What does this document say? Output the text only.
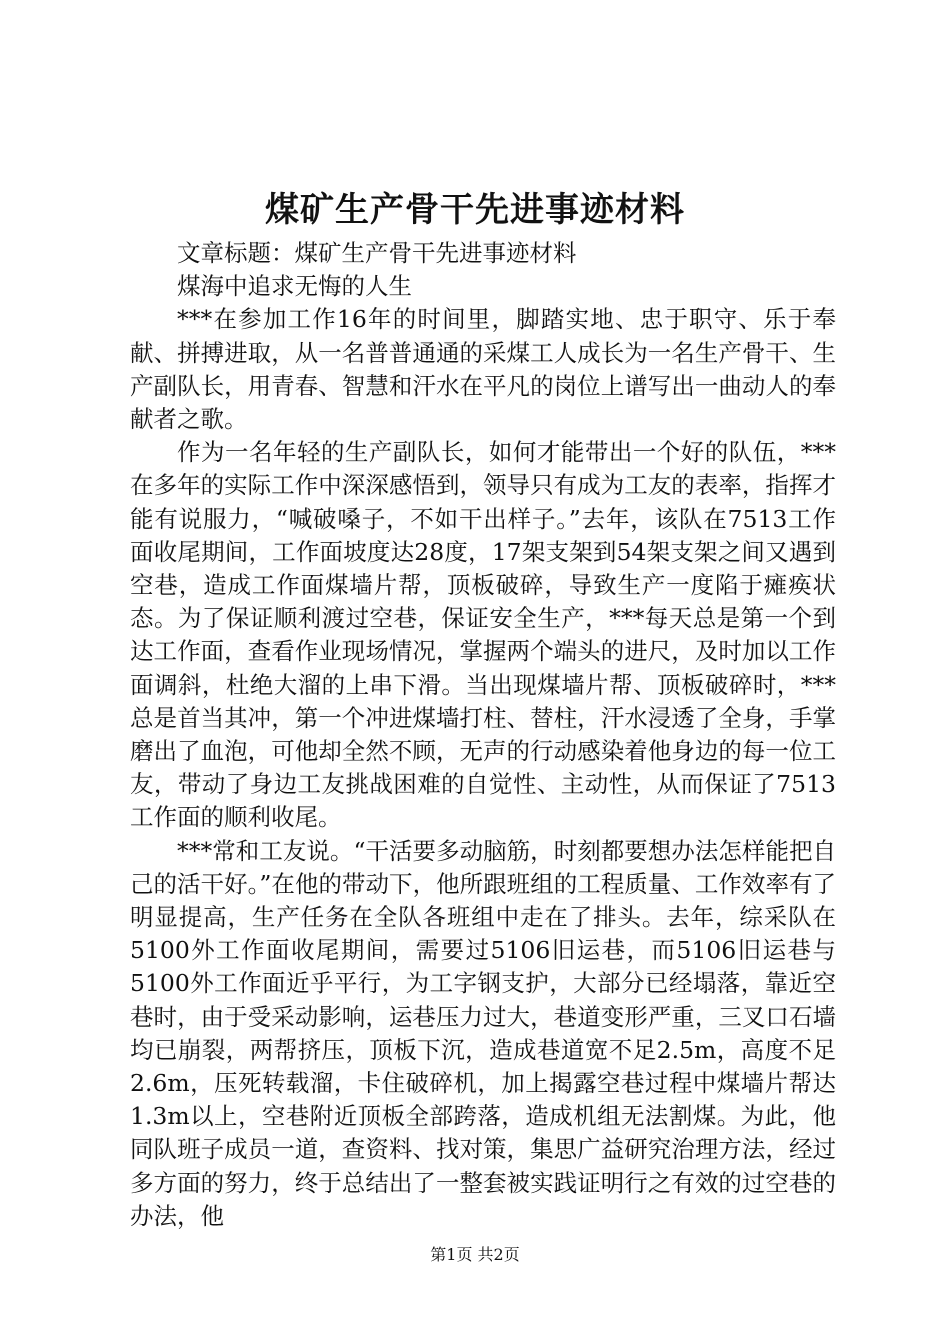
煤矿生产骨干先进事迹材料

文章标题：煤矿生产骨干先进事迹材料

煤海中追求无悔的人生

***在参加工作16年的时间里，脚踏实地、忠于职守、乐于奉献、拼搏进取，从一名普普通通的采煤工人成长为一名生产骨干、生产副队长，用青春、智慧和汗水在平凡的岗位上谱写出一曲动人的奉献者之歌。

作为一名年轻的生产副队长，如何才能带出一个好的队伍，***在多年的实际工作中深深感悟到，领导只有成为工友的表率，指挥才能有说服力，“喊破嗓子，不如干出样子。”去年，该队在7513工作面收尾期间，工作面坡度达28度，17架支架到54架支架之间又遇到空巷，造成工作面煤墙片帮，顶板破碎，导致生产一度陷于瘫痪状态。为了保证顺利渡过空巷，保证安全生产，***每天总是第一个到达工作面，查看作业现场情况，掌握两个端头的进尺，及时加以工作面调斜，杜绝大溜的上串下滑。当出现煤墙片帮、顶板破碎时，***总是首当其冲，第一个冲进煤墙打柱、替柱，汗水浸透了全身，手掌磨出了血泡，可他却全然不顾，无声的行动感染着他身边的每一位工友，带动了身边工友挑战困难的自觉性、主动性，从而保证了7513工作面的顺利收尾。

***常和工友说。“干活要多动脑筋，时刻都要想办法怎样能把自己的活干好。”在他的带动下，他所跟班组的工程质量、工作效率有了明显提高，生产任务在全队各班组中走在了排头。去年，综采队在5100外工作面收尾期间，需要过5106旧运巷，而5106旧运巷与5100外工作面近乎平行，为工字钢支护，大部分已经塌落，靠近空巷时，由于受采动影响，运巷压力过大，巷道变形严重，三叉口石墙均已崩裂，两帮挤压，顶板下沉，造成巷道宽不足2.5m，高度不足2.6m，压死转载溜，卡住破碎机，加上揭露空巷过程中煤墙片帮达1.3m以上，空巷附近顶板全部跨落，造成机组无法割煤。为此，他同队班子成员一道，查资料、找对策，集思广益研究治理方法，经过多方面的努力，终于总结出了一整套被实践证明行之有效的过空巷的办法，他

第1页 共2页
